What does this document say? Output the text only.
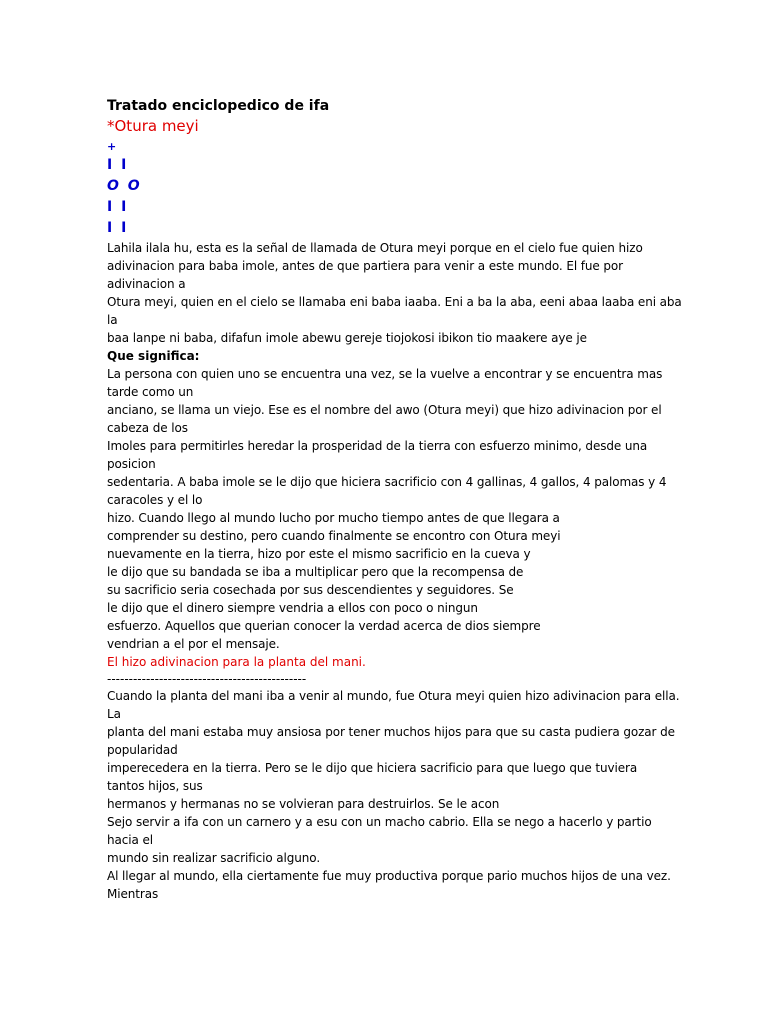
Tratado enciclopedico de ifa

*Otura meyi

+

I I

O O

I I

I I

Lahila ilala hu, esta es la señal de llamada de Otura meyi porque en el cielo fue quien hizo

adivinacion para baba imole, antes de que partiera para venir a este mundo. El fue por

adivinacion a

Otura meyi, quien en el cielo se llamaba eni baba iaaba. Eni a ba la aba, eeni abaa laaba eni aba

la

baa lanpe ni baba, difafun imole abewu gereje tiojokosi ibikon tio maakere aye je

Que significa:

La persona con quien uno se encuentra una vez, se la vuelve a encontrar y se encuentra mas

tarde como un

anciano, se llama un viejo. Ese es el nombre del awo (Otura meyi) que hizo adivinacion por el

cabeza de los

Imoles para permitirles heredar la prosperidad de la tierra con esfuerzo minimo, desde una

posicion

sedentaria. A baba imole se le dijo que hiciera sacrificio con 4 gallinas, 4 gallos, 4 palomas y 4

caracoles y el lo

hizo. Cuando llego al mundo lucho por mucho tiempo antes de que llegara a

comprender su destino, pero cuando finalmente se encontro con Otura meyi

nuevamente en la tierra, hizo por este el mismo sacrificio en la cueva y

le dijo que su bandada se iba a multiplicar pero que la recompensa de

su sacrificio seria cosechada por sus descendientes y seguidores. Se

le dijo que el dinero siempre vendria a ellos con poco o ningun

esfuerzo. Aquellos que querian conocer la verdad acerca de dios siempre

vendrian a el por el mensaje.

El hizo adivinacion para la planta del mani.

----------------------------------------------

Cuando la planta del mani iba a venir al mundo, fue Otura meyi quien hizo adivinacion para ella.

La

planta del mani estaba muy ansiosa por tener muchos hijos para que su casta pudiera gozar de

popularidad

imperecedera en la tierra. Pero se le dijo que hiciera sacrificio para que luego que tuviera

tantos hijos, sus

hermanos y hermanas no se volvieran para destruirlos. Se le acon

Sejo servir a ifa con un carnero y a esu con un macho cabrio. Ella se nego a hacerlo y partio

hacia el

mundo sin realizar sacrificio alguno.

Al llegar al mundo, ella ciertamente fue muy productiva porque pario muchos hijos de una vez.

Mientras
